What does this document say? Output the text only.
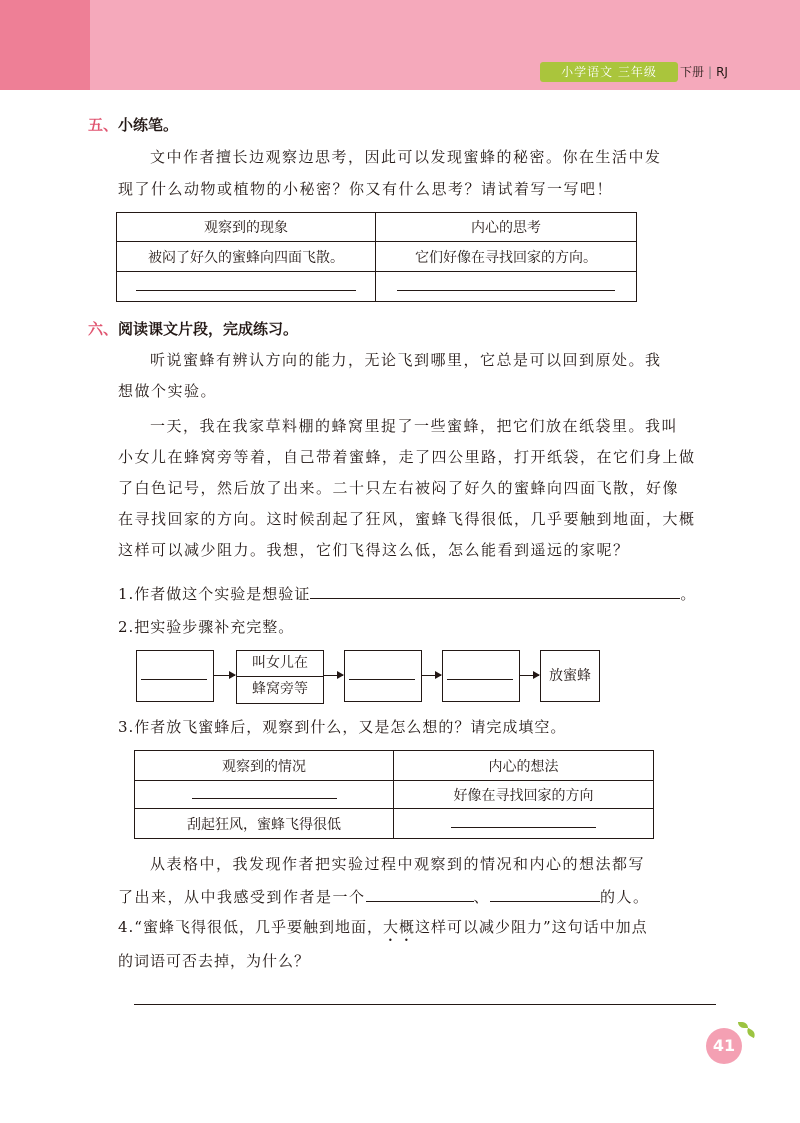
小学语文 三年级	下册 | RJ
五、小练笔。
文中作者擅长边观察边思考，因此可以发现蜜蜂的秘密。你在生活中发
现了什么动物或植物的小秘密？你又有什么思考？请试着写一写吧！
观察到的现象	内心的思考
被闷了好久的蜜蜂向四面飞散。	它们好像在寻找回家的方向。

六、阅读课文片段，完成练习。
听说蜜蜂有辨认方向的能力，无论飞到哪里，它总是可以回到原处。我
想做个实验。
一天，我在我家草料棚的蜂窝里捉了一些蜜蜂，把它们放在纸袋里。我叫
小女儿在蜂窝旁等着，自己带着蜜蜂，走了四公里路，打开纸袋，在它们身上做
了白色记号，然后放了出来。二十只左右被闷了好久的蜜蜂向四面飞散，好像
在寻找回家的方向。这时候刮起了狂风，蜜蜂飞得很低，几乎要触到地面，大概
这样可以减少阻力。我想，它们飞得这么低，怎么能看到遥远的家呢？
1.作者做这个实验是想验证	。
2.把实验步骤补充完整。
叫女儿在
蜂窝旁等
放蜜蜂
3.作者放飞蜜蜂后，观察到什么，又是怎么想的？请完成填空。
观察到的情况	内心的想法
	好像在寻找回家的方向
刮起狂风，蜜蜂飞得很低	
从表格中，我发现作者把实验过程中观察到的情况和内心的想法都写
了出来，从中我感受到作者是一个	、	的人。
4.“蜜蜂飞得很低，几乎要触到地面，大概这样可以减少阻力”这句话中加点
的词语可否去掉，为什么？
41
